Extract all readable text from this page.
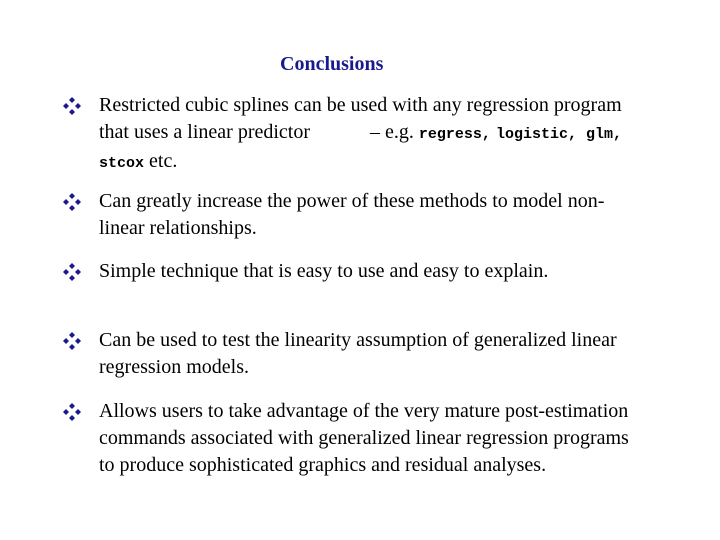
Conclusions
Restricted cubic splines can be used with any regression program that uses a linear predictor	– e.g. regress, logistic, glm, stcox etc.
Can greatly increase the power of these methods to model non-linear relationships.
Simple technique that is easy to use and easy to explain.
Can be used to test the linearity assumption of generalized linear regression models.
Allows users to take advantage of the very mature post-estimation commands associated with generalized linear regression programs to produce sophisticated graphics and residual analyses.
